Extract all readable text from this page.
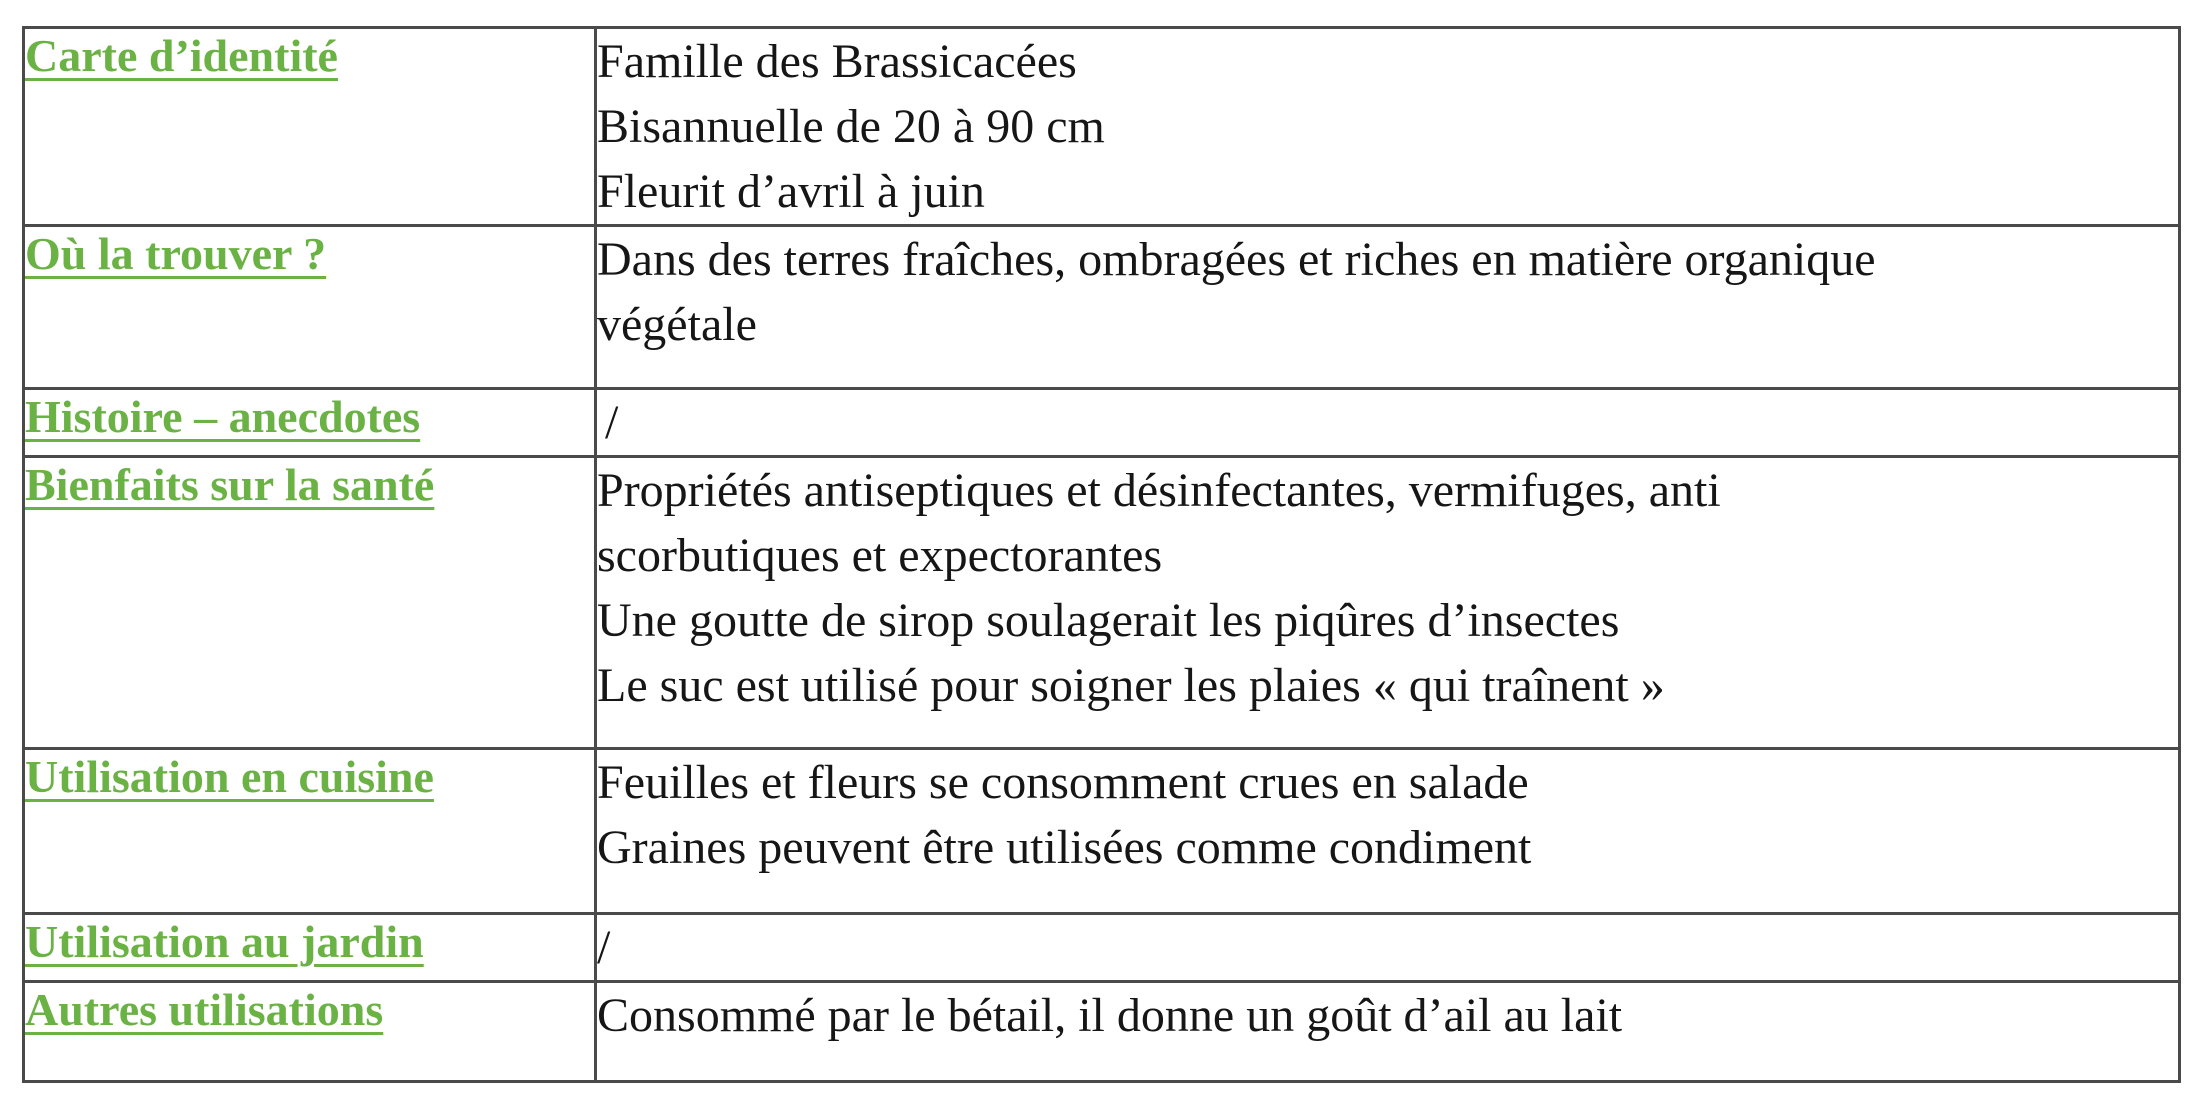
Carte d’identité	Famille des Brassicacées
Bisannuelle de 20 à 90 cm
Fleurit d’avril à juin

Où la trouver ?	Dans des terres fraîches, ombragées et riches en matière organique
végétale

Histoire – anecdotes	/

Bienfaits sur la santé	Propriétés antiseptiques et désinfectantes, vermifuges, anti
scorbutiques et expectorantes
Une goutte de sirop soulagerait les piqûres d’insectes
Le suc est utilisé pour soigner les plaies « qui traînent »

Utilisation en cuisine	Feuilles et fleurs se consomment crues en salade
Graines peuvent être utilisées comme condiment

Utilisation au jardin	/

Autres utilisations	Consommé par le bétail, il donne un goût d’ail au lait
